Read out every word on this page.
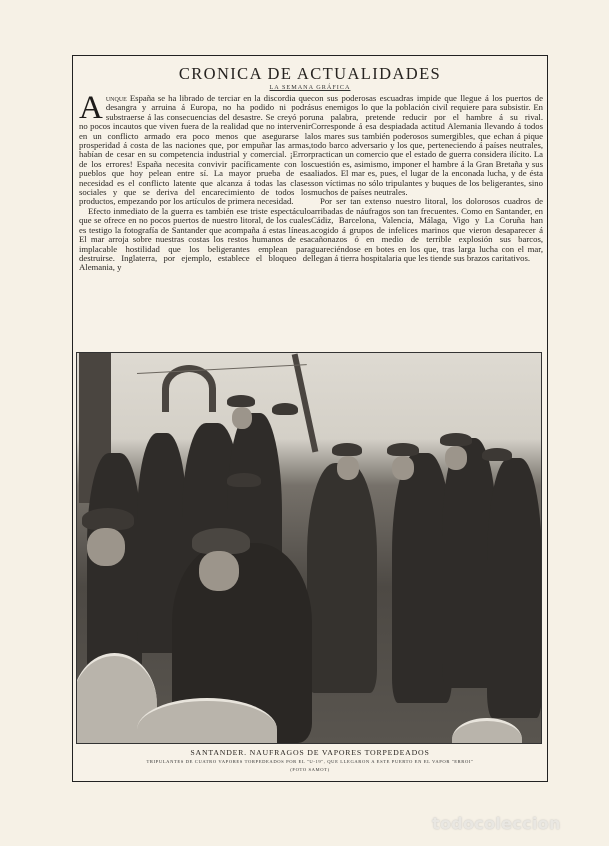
CRONICA DE ACTUALIDADES
LA SEMANA GRÁFICA

Aunque España se ha librado de terciar en la discordia que desangra y arruina á Europa, no ha podido ni podrá substraerse á las consecuencias del desastre. Se creyó por no pocos incautos que viven fuera de la realidad que no intervenir en un conflicto armado era poco menos que asegurarse la prosperidad á costa de las naciones que, por empuñar las armas, habían de cesar en su competencia industrial y comercial. ¡Error de los errores! España necesita convivir pacíficamente con los pueblos que hoy pelean entre sí. La mayor prueba de esa necesidad es el conflicto latente que alcanza á todas las clases sociales y que se deriva del encarecimiento de todos los productos, empezando por los artículos de primera necesidad.

Efecto inmediato de la guerra es también ese triste espectáculo que se ofrece en no pocos puertos de nuestro litoral, de los cuales es testigo la fotografía de Santander que acompaña á estas líneas. El mar arroja sobre nuestras costas los restos humanos de esa implacable hostilidad que los beligerantes emplean para destruirse. Inglaterra, por ejemplo, establece el bloqueo de Alemania, y

con sus poderosas escuadras impide que llegue á los puertos de sus enemigos lo que la población civil requiere para subsistir. En una palabra, pretende reducir por el hambre á su rival. Corresponde á esa despiadada actitud Alemania llevando á todos los mares sus también poderosos sumergibles, que echan á pique todo barco adversario y los que, perteneciendo á países neutrales, practican un comercio que el estado de guerra considera ilícito. La cuestión es, asimismo, imponer el hambre á la Gran Bretaña y sus aliados. El mar es, pues, el lugar de la enconada lucha, y de ésta son víctimas no sólo tripulantes y buques de los beligerantes, sino muchos de países neutrales.

Por ser tan extenso nuestro litoral, los dolorosos cuadros de arribadas de náufragos son tan frecuentes. Como en Santander, en Cádiz, Barcelona, Valencia, Málaga, Vigo y La Coruña han acogido á grupos de infelices marinos que vieron desaparecer á cañonazos ó en medio de terrible explosión sus barcos, guareciéndose en botes en los que, tras larga lucha con el mar, llegan á tierra hospitalaria que les tiende sus brazos caritativos.

SANTANDER. NAUFRAGOS DE VAPORES TORPEDEADOS
TRIPULANTES DE CUATRO VAPORES TORPEDEADOS POR EL "U-19", QUE LLEGARON A ESTE PUERTO EN EL VAPOR "ERROI"
(FOTO SAMOT)
todocoleccion
